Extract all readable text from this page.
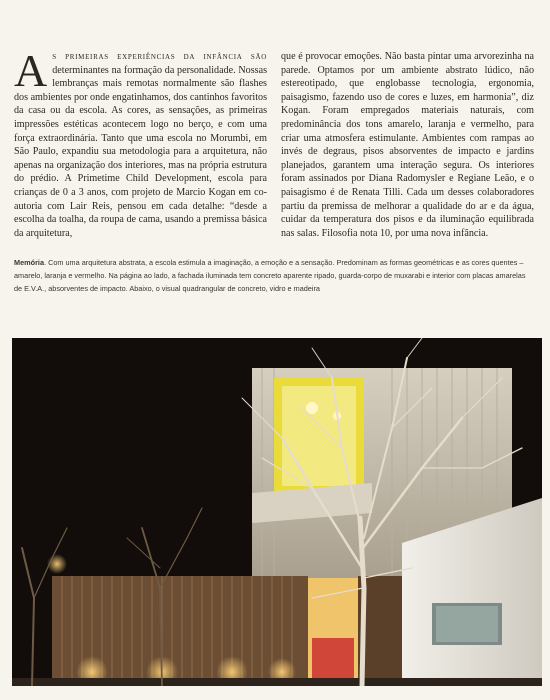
As primeiras experiências da infância são determinantes na formação da personalidade. Nossas lembranças mais remotas normalmente são flashes dos ambientes por onde engatinhamos, dos cantinhos favoritos da casa ou da escola. As cores, as sensações, as primeiras impressões estéticas acontecem logo no berço, e com uma força extraordinária. Tanto que uma escola no Morumbi, em São Paulo, expandiu sua metodologia para a arquitetura, não apenas na organização dos interiores, mas na própria estrutura do prédio. A Primetime Child Development, escola para crianças de 0 a 3 anos, com projeto de Marcio Kogan em co-autoria com Lair Reis, pensou em cada detalhe: “desde a escolha da toalha, da roupa de cama, usando a premissa básica da arquitetura,

que é provocar emoções. Não basta pintar uma arvorezinha na parede. Optamos por um ambiente abstrato lúdico, não estereotipado, que englobasse tecnologia, ergonomia, paisagismo, fazendo uso de cores e luzes, em harmonia”, diz Kogan. Foram empregados materiais naturais, com predominância dos tons amarelo, laranja e vermelho, para criar uma atmosfera estimulante. Ambientes com rampas ao invés de degraus, pisos absorventes de impacto e jardins planejados, garantem uma interação segura. Os interiores foram assinados por Diana Radomysler e Regiane Leão, e o paisagismo é de Renata Tilli. Cada um desses colaboradores partiu da premissa de melhorar a qualidade do ar e da água, cuidar da temperatura dos pisos e da iluminação equilibrada nas salas. Filosofia nota 10, por uma nova infância.

Memória. Com uma arquitetura abstrata, a escola estimula a imaginação, a emoção e a sensação. Predominam as formas geométricas e as cores quentes – amarelo, laranja e vermelho. Na página ao lado, a fachada iluminada tem concreto aparente ripado, guarda-corpo de muxarabi e interior com placas amarelas de E.V.A., absorventes de impacto. Abaixo, o visual quadrangular de concreto, vidro e madeira
